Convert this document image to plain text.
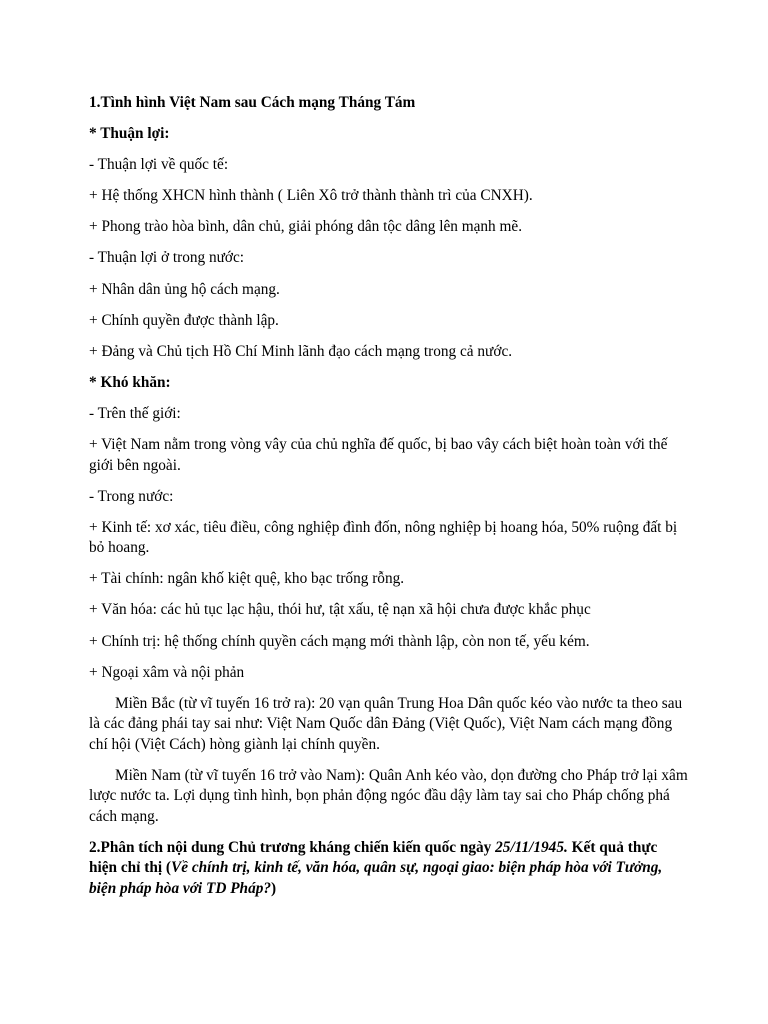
1.Tình hình Việt Nam sau Cách mạng Tháng Tám

* Thuận lợi:

- Thuận lợi về quốc tế:

+ Hệ thống XHCN hình thành ( Liên Xô trở thành thành trì của CNXH).

+ Phong trào hòa bình, dân chủ, giải phóng dân tộc dâng lên mạnh mẽ.

- Thuận lợi ở trong nước:

+ Nhân dân ủng hộ cách mạng.

+ Chính quyền được thành lập.

+ Đảng và Chủ tịch Hồ Chí Minh lãnh đạo cách mạng trong cả nước.

* Khó khăn:

- Trên thế giới:

+ Việt Nam nằm trong vòng vây của chủ nghĩa đế quốc, bị bao vây cách biệt hoàn toàn với thế giới bên ngoài.

- Trong nước:

+ Kinh tế: xơ xác, tiêu điều, công nghiệp đình đốn, nông nghiệp bị hoang hóa, 50% ruộng đất bị bỏ hoang.

+ Tài chính: ngân khố kiệt quệ, kho bạc trống rỗng.

+ Văn hóa: các hủ tục lạc hậu, thói hư, tật xấu, tệ nạn xã hội chưa được khắc phục

+ Chính trị: hệ thống chính quyền cách mạng mới thành lập, còn non tế, yếu kém.

+ Ngoại xâm và nội phản

Miền Bắc (từ vĩ tuyến 16 trở ra): 20 vạn quân Trung Hoa Dân quốc kéo vào nước ta theo sau là các đảng phái tay sai như: Việt Nam Quốc dân Đảng (Việt Quốc), Việt Nam cách mạng đồng chí hội (Việt Cách) hòng giành lại chính quyền.

Miền Nam (từ vĩ tuyến 16 trở vào Nam): Quân Anh kéo vào, dọn đường cho Pháp trở lại xâm lược nước ta. Lợi dụng tình hình, bọn phản động ngóc đầu dậy làm tay sai cho Pháp chống phá cách mạng.

2.Phân tích nội dung Chủ trương kháng chiến kiến quốc ngày 25/11/1945. Kết quả thực hiện chỉ thị (Về chính trị, kinh tế, văn hóa, quân sự, ngoại giao: biện pháp hòa với Tưởng, biện pháp hòa với TD Pháp?)
